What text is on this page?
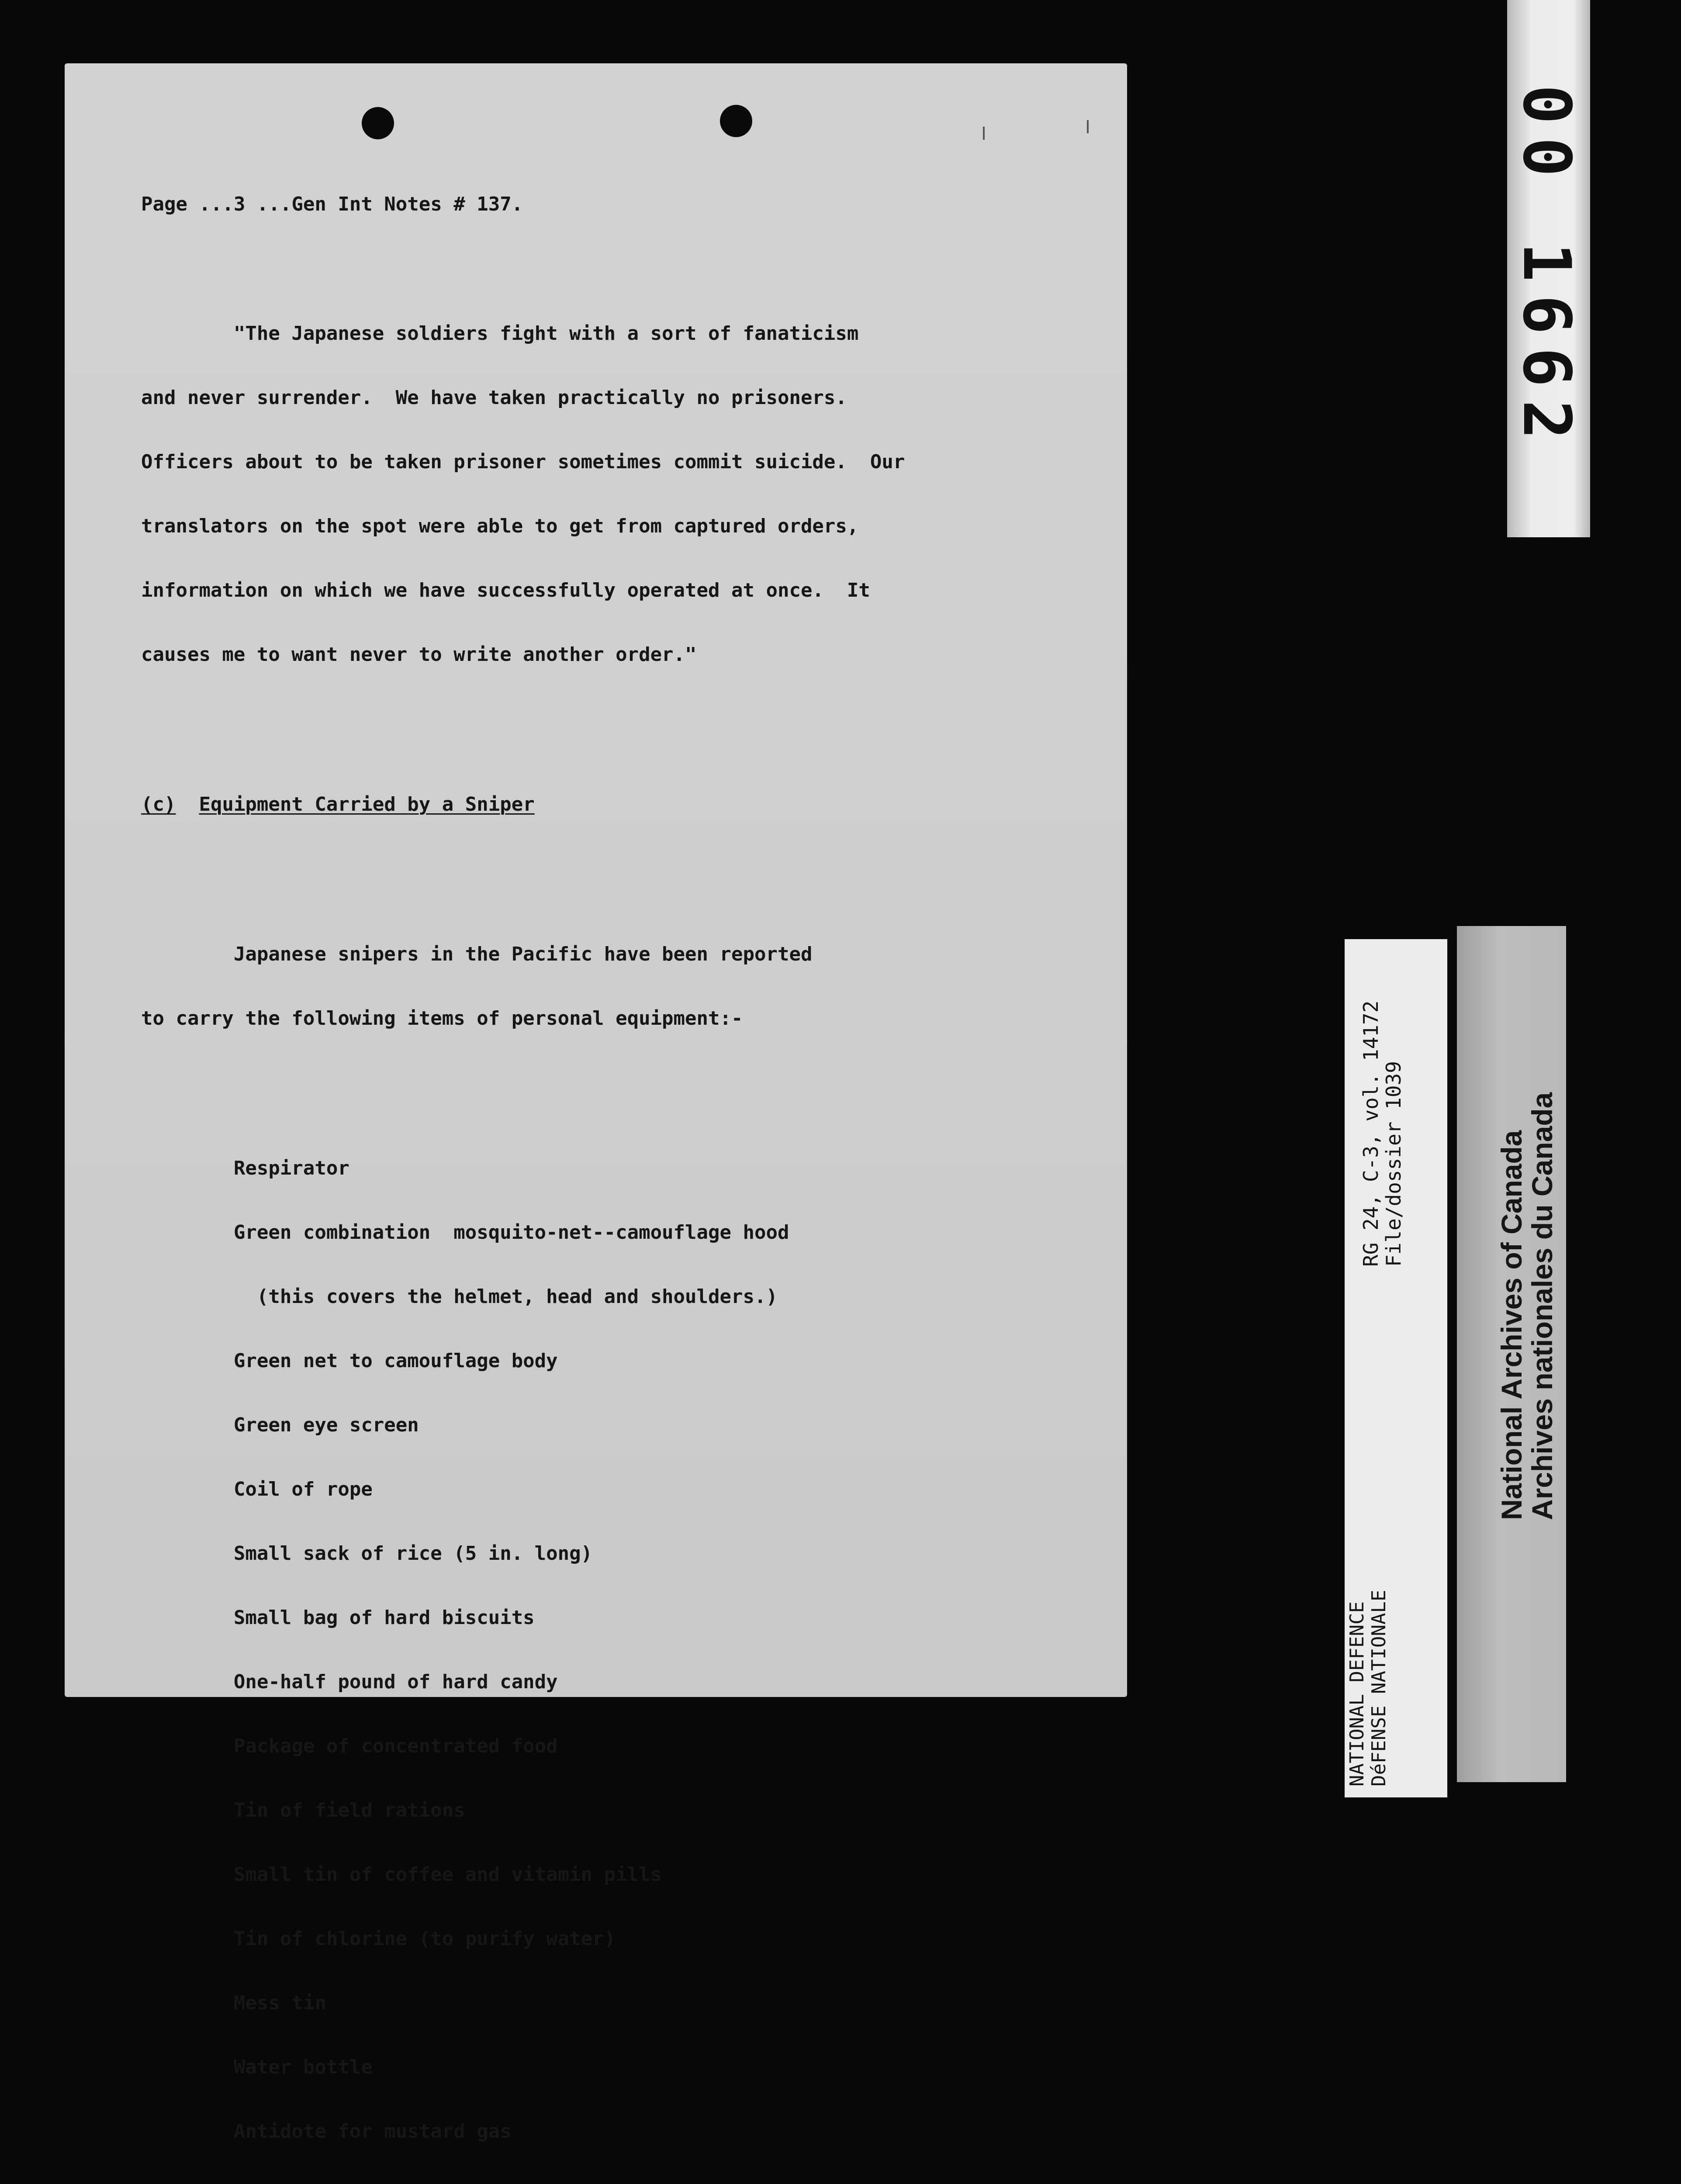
Page ...3 ...Gen Int Notes # 137.

"The Japanese soldiers fight with a sort of fanaticism

and never surrender.  We have taken practically no prisoners.

Officers about to be taken prisoner sometimes commit suicide.  Our

translators on the spot were able to get from captured orders,

information on which we have successfully operated at once.  It

causes me to want never to write another order."

(c) Equipment Carried by a Sniper

Japanese snipers in the Pacific have been reported

to carry the following items of personal equipment:-

Respirator

Green combination  mosquito-net--camouflage hood

(this covers the helmet, head and shoulders.)

Green net to camouflage body

Green eye screen

Coil of rope

Small sack of rice (5 in. long)

Small bag of hard biscuits

One-half pound of hard candy

Package of concentrated food

Tin of field rations

Small tin of coffee and vitamin pills

Tin of chlorine (to purify water)

Mess tin

Water bottle

Antidote for mustard gas

00 1662
RG 24, C-3, vol. 14172
File/dossier 1039
NATIONAL DEFENCE DéFENSE NATIONALE
National Archives of Canada
Archives nationales du Canada
